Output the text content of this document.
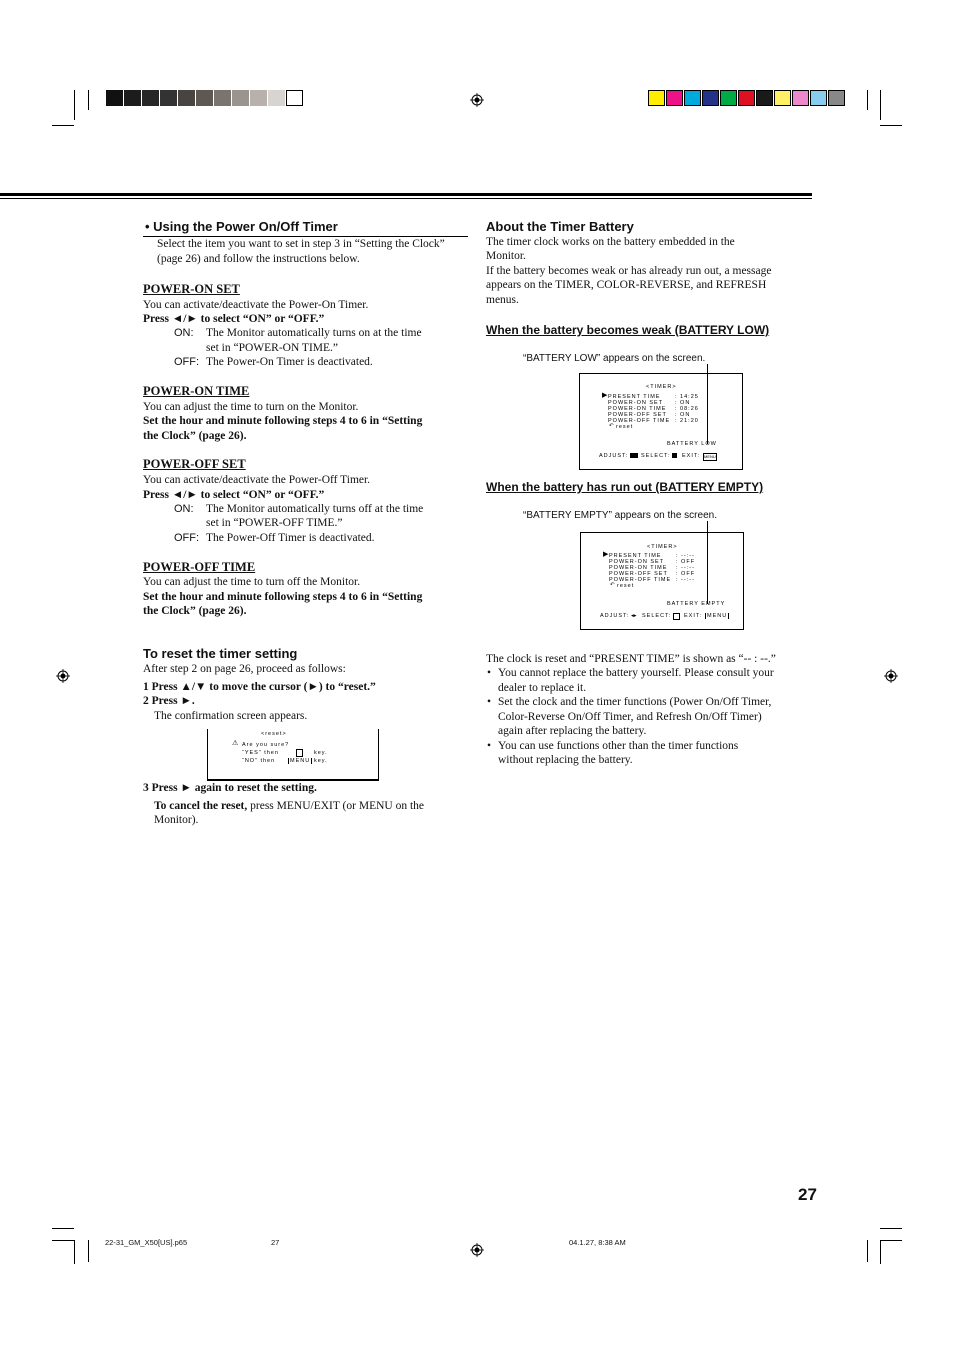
• Using the Power On/Off Timer
Select the item you want to set in step 3 in “Setting the Clock” (page 26) and follow the instructions below.
POWER-ON SET
You can activate/deactivate the Power-On Timer.
Press ◄/► to select “ON” or “OFF.”
ON: The Monitor automatically turns on at the time
set in “POWER-ON TIME.”
OFF: The Power-On Timer is deactivated.
POWER-ON TIME
You can adjust the time to turn on the Monitor.
Set the hour and minute following steps 4 to 6 in “Setting
the Clock” (page 26).
POWER-OFF SET
You can activate/deactivate the Power-Off Timer.
Press ◄/► to select “ON” or “OFF.”
ON: The Monitor automatically turns off at the time
set in “POWER-OFF TIME.”
OFF: The Power-Off Timer is deactivated.
POWER-OFF TIME
You can adjust the time to turn off the Monitor.
Set the hour and minute following steps 4 to 6 in “Setting
the Clock” (page 26).
To reset the timer setting
After step 2 on page 26, proceed as follows:
1 Press ▲/▼ to move the cursor (►) to “reset.”
2 Press ►.
The confirmation screen appears.
<reset>
⚠ Are you sure?
“YES” then	key.
“NO” then	MENU key.
3 Press ► again to reset the setting.
To cancel the reset, press MENU/EXIT (or MENU on the
Monitor).
About the Timer Battery
The timer clock works on the battery embedded in the
Monitor.
If the battery becomes weak or has already run out, a message
appears on the TIMER, COLOR-REVERSE, and REFRESH
menus.
When the battery becomes weak (BATTERY LOW)
“BATTERY LOW” appears on the screen.
<TIMER>
▶ PRESENT TIME	: 14:25
POWER-ON SET : ON
POWER-ON TIME : 08:26
POWER-OFF SET : ON
POWER-OFF TIME : 21:20
↶ reset
BATTERY LOW
ADJUST: SELECT: EXIT: MENU
When the battery has run out (BATTERY EMPTY)
“BATTERY EMPTY” appears on the screen.
<TIMER>
▶ PRESENT TIME	: --:--
POWER-ON SET : OFF
POWER-ON TIME : --:--
POWER-OFF SET : OFF
POWER-OFF TIME : --:--
↶ reset
BATTERY EMPTY
ADJUST: ◂▸ SELECT: EXIT: MENU
The clock is reset and “PRESENT TIME” is shown as “-- : --.”
• You cannot replace the battery yourself. Please consult your
dealer to replace it.
• Set the clock and the timer functions (Power On/Off Timer,
Color-Reverse On/Off Timer, and Refresh On/Off Timer)
again after replacing the battery.
• You can use functions other than the timer functions
without replacing the battery.
27
22-31_GM_X50[US].p65	27	04.1.27, 8:38 AM
